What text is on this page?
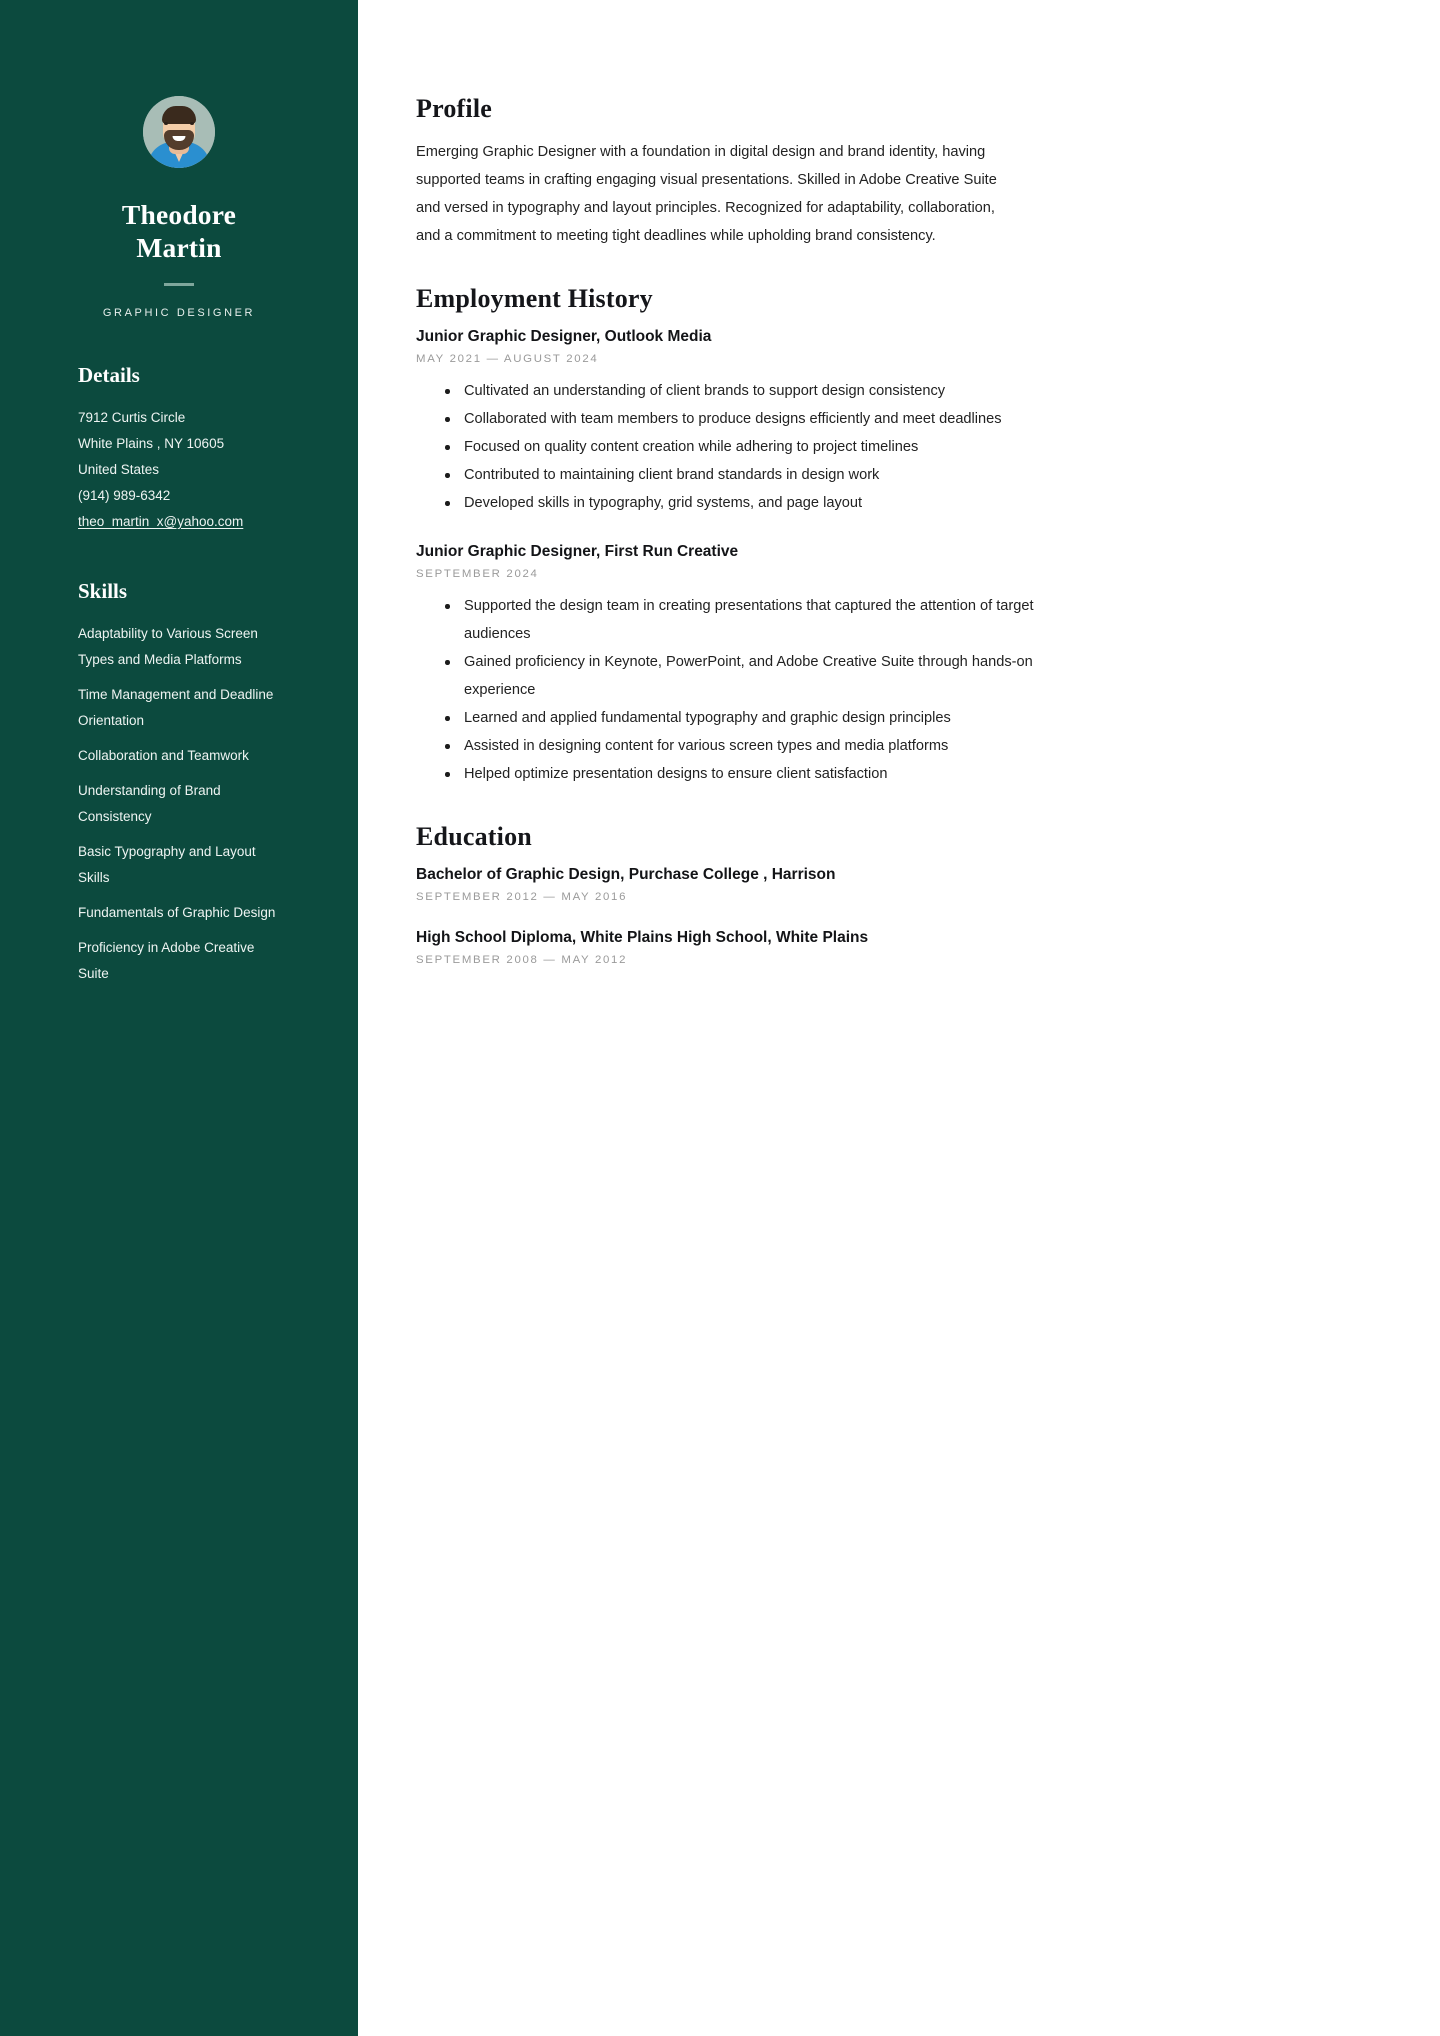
Theodore Martin
GRAPHIC DESIGNER
Details
7912 Curtis Circle
White Plains , NY 10605
United States
(914) 989-6342
theo_martin_x@yahoo.com
Skills
Adaptability to Various Screen Types and Media Platforms
Time Management and Deadline Orientation
Collaboration and Teamwork
Understanding of Brand Consistency
Basic Typography and Layout Skills
Fundamentals of Graphic Design
Proficiency in Adobe Creative Suite
Profile

Emerging Graphic Designer with a foundation in digital design and brand identity, having supported teams in crafting engaging visual presentations. Skilled in Adobe Creative Suite and versed in typography and layout principles. Recognized for adaptability, collaboration, and a commitment to meeting tight deadlines while upholding brand consistency.

Employment History
Junior Graphic Designer, Outlook Media
MAY 2021 — AUGUST 2024
Cultivated an understanding of client brands to support design consistency
Collaborated with team members to produce designs efficiently and meet deadlines
Focused on quality content creation while adhering to project timelines
Contributed to maintaining client brand standards in design work
Developed skills in typography, grid systems, and page layout
Junior Graphic Designer, First Run Creative
SEPTEMBER 2024
Supported the design team in creating presentations that captured the attention of target audiences
Gained proficiency in Keynote, PowerPoint, and Adobe Creative Suite through hands-on experience
Learned and applied fundamental typography and graphic design principles
Assisted in designing content for various screen types and media platforms
Helped optimize presentation designs to ensure client satisfaction
Education
Bachelor of Graphic Design, Purchase College , Harrison
SEPTEMBER 2012 — MAY 2016
High School Diploma, White Plains High School, White Plains
SEPTEMBER 2008 — MAY 2012
